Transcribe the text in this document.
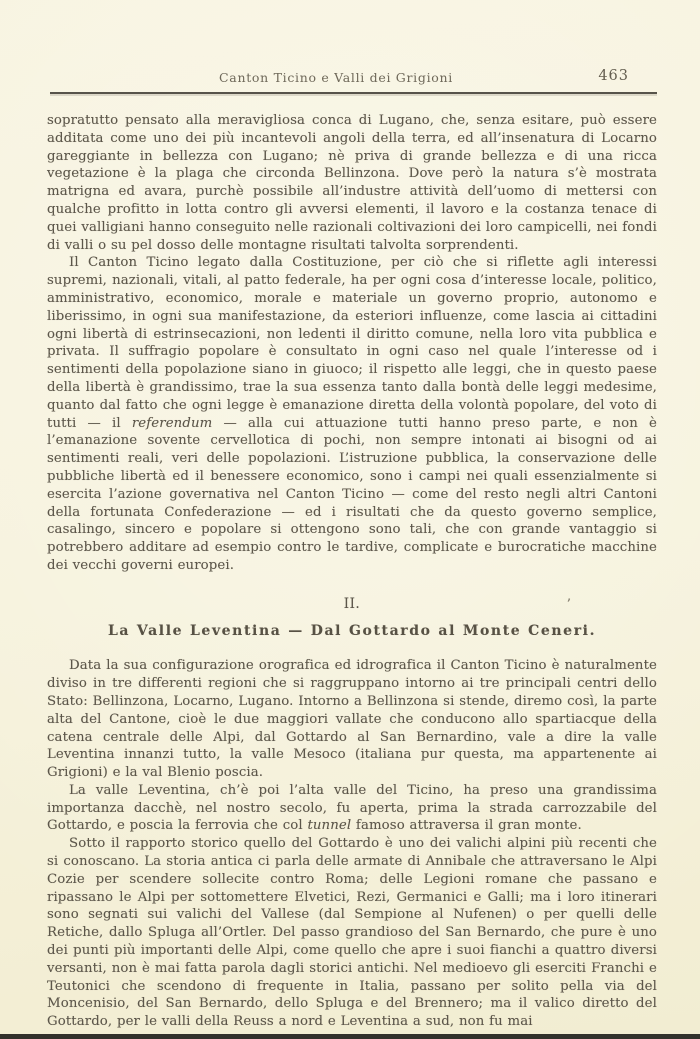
Canton Ticino e Valli dei Grigioni	463

sopratutto pensato alla meravigliosa conca di Lugano, che, senza esitare, può essere additata come uno dei più incantevoli angoli della terra, ed all’insenatura di Locarno gareggiante in bellezza con Lugano; nè priva di grande bellezza e di una ricca vegetazione è la plaga che circonda Bellinzona. Dove però la natura s’è mostrata matrigna ed avara, purchè possibile all’industre attività dell’uomo di mettersi con qualche profitto in lotta contro gli avversi elementi, il lavoro e la costanza tenace di quei valligiani hanno conseguito nelle razionali coltivazioni dei loro campicelli, nei fondi di valli o su pel dosso delle montagne risultati talvolta sorprendenti.

Il Canton Ticino legato dalla Costituzione, per ciò che si riflette agli interessi supremi, nazionali, vitali, al patto federale, ha per ogni cosa d’interesse locale, politico, amministrativo, economico, morale e materiale un governo proprio, autonomo e liberissimo, in ogni sua manifestazione, da esteriori influenze, come lascia ai cittadini ogni libertà di estrinsecazioni, non ledenti il diritto comune, nella loro vita pubblica e privata. Il suffragio popolare è consultato in ogni caso nel quale l’interesse od i sentimenti della popolazione siano in giuoco; il rispetto alle leggi, che in questo paese della libertà è grandissimo, trae la sua essenza tanto dalla bontà delle leggi medesime, quanto dal fatto che ogni legge è emanazione diretta della volontà popolare, del voto di tutti — il referendum — alla cui attuazione tutti hanno preso parte, e non è l’emanazione sovente cervellotica di pochi, non sempre intonati ai bisogni od ai sentimenti reali, veri delle popolazioni. L’istruzione pubblica, la conservazione delle pubbliche libertà ed il benessere economico, sono i campi nei quali essenzialmente si esercita l’azione governativa nel Canton Ticino — come del resto negli altri Cantoni della fortunata Confederazione — ed i risultati che da questo governo semplice, casalingo, sincero e popolare si ottengono sono tali, che con grande vantaggio si potrebbero additare ad esempio contro le tardive, complicate e burocratiche macchine dei vecchi governi europei.

II.
La Valle Leventina — Dal Gottardo al Monte Ceneri.
’

Data la sua configurazione orografica ed idrografica il Canton Ticino è naturalmente diviso in tre differenti regioni che si raggruppano intorno ai tre principali centri dello Stato: Bellinzona, Locarno, Lugano. Intorno a Bellinzona si stende, diremo così, la parte alta del Cantone, cioè le due maggiori vallate che conducono allo spartiacque della catena centrale delle Alpi, dal Gottardo al San Bernardino, vale a dire la valle Leventina innanzi tutto, la valle Mesoco (italiana pur questa, ma appartenente ai Grigioni) e la val Blenio poscia.

La valle Leventina, ch’è poi l’alta valle del Ticino, ha preso una grandissima importanza dacchè, nel nostro secolo, fu aperta, prima la strada carrozzabile del Gottardo, e poscia la ferrovia che col tunnel famoso attraversa il gran monte.

Sotto il rapporto storico quello del Gottardo è uno dei valichi alpini più recenti che si conoscano. La storia antica ci parla delle armate di Annibale che attraversano le Alpi Cozie per scendere sollecite contro Roma; delle Legioni romane che passano e ripassano le Alpi per sottomettere Elvetici, Rezi, Germanici e Galli; ma i loro itinerari sono segnati sui valichi del Vallese (dal Sempione al Nufenen) o per quelli delle Retiche, dallo Spluga all’Ortler. Del passo grandioso del San Bernardo, che pure è uno dei punti più importanti delle Alpi, come quello che apre i suoi fianchi a quattro diversi versanti, non è mai fatta parola dagli storici antichi. Nel medioevo gli eserciti Franchi e Teutonici che scendono di frequente in Italia, passano per solito pella via del Moncenisio, del San Bernardo, dello Spluga e del Brennero; ma il valico diretto del Gottardo, per le valli della Reuss a nord e Leventina a sud, non fu mai
